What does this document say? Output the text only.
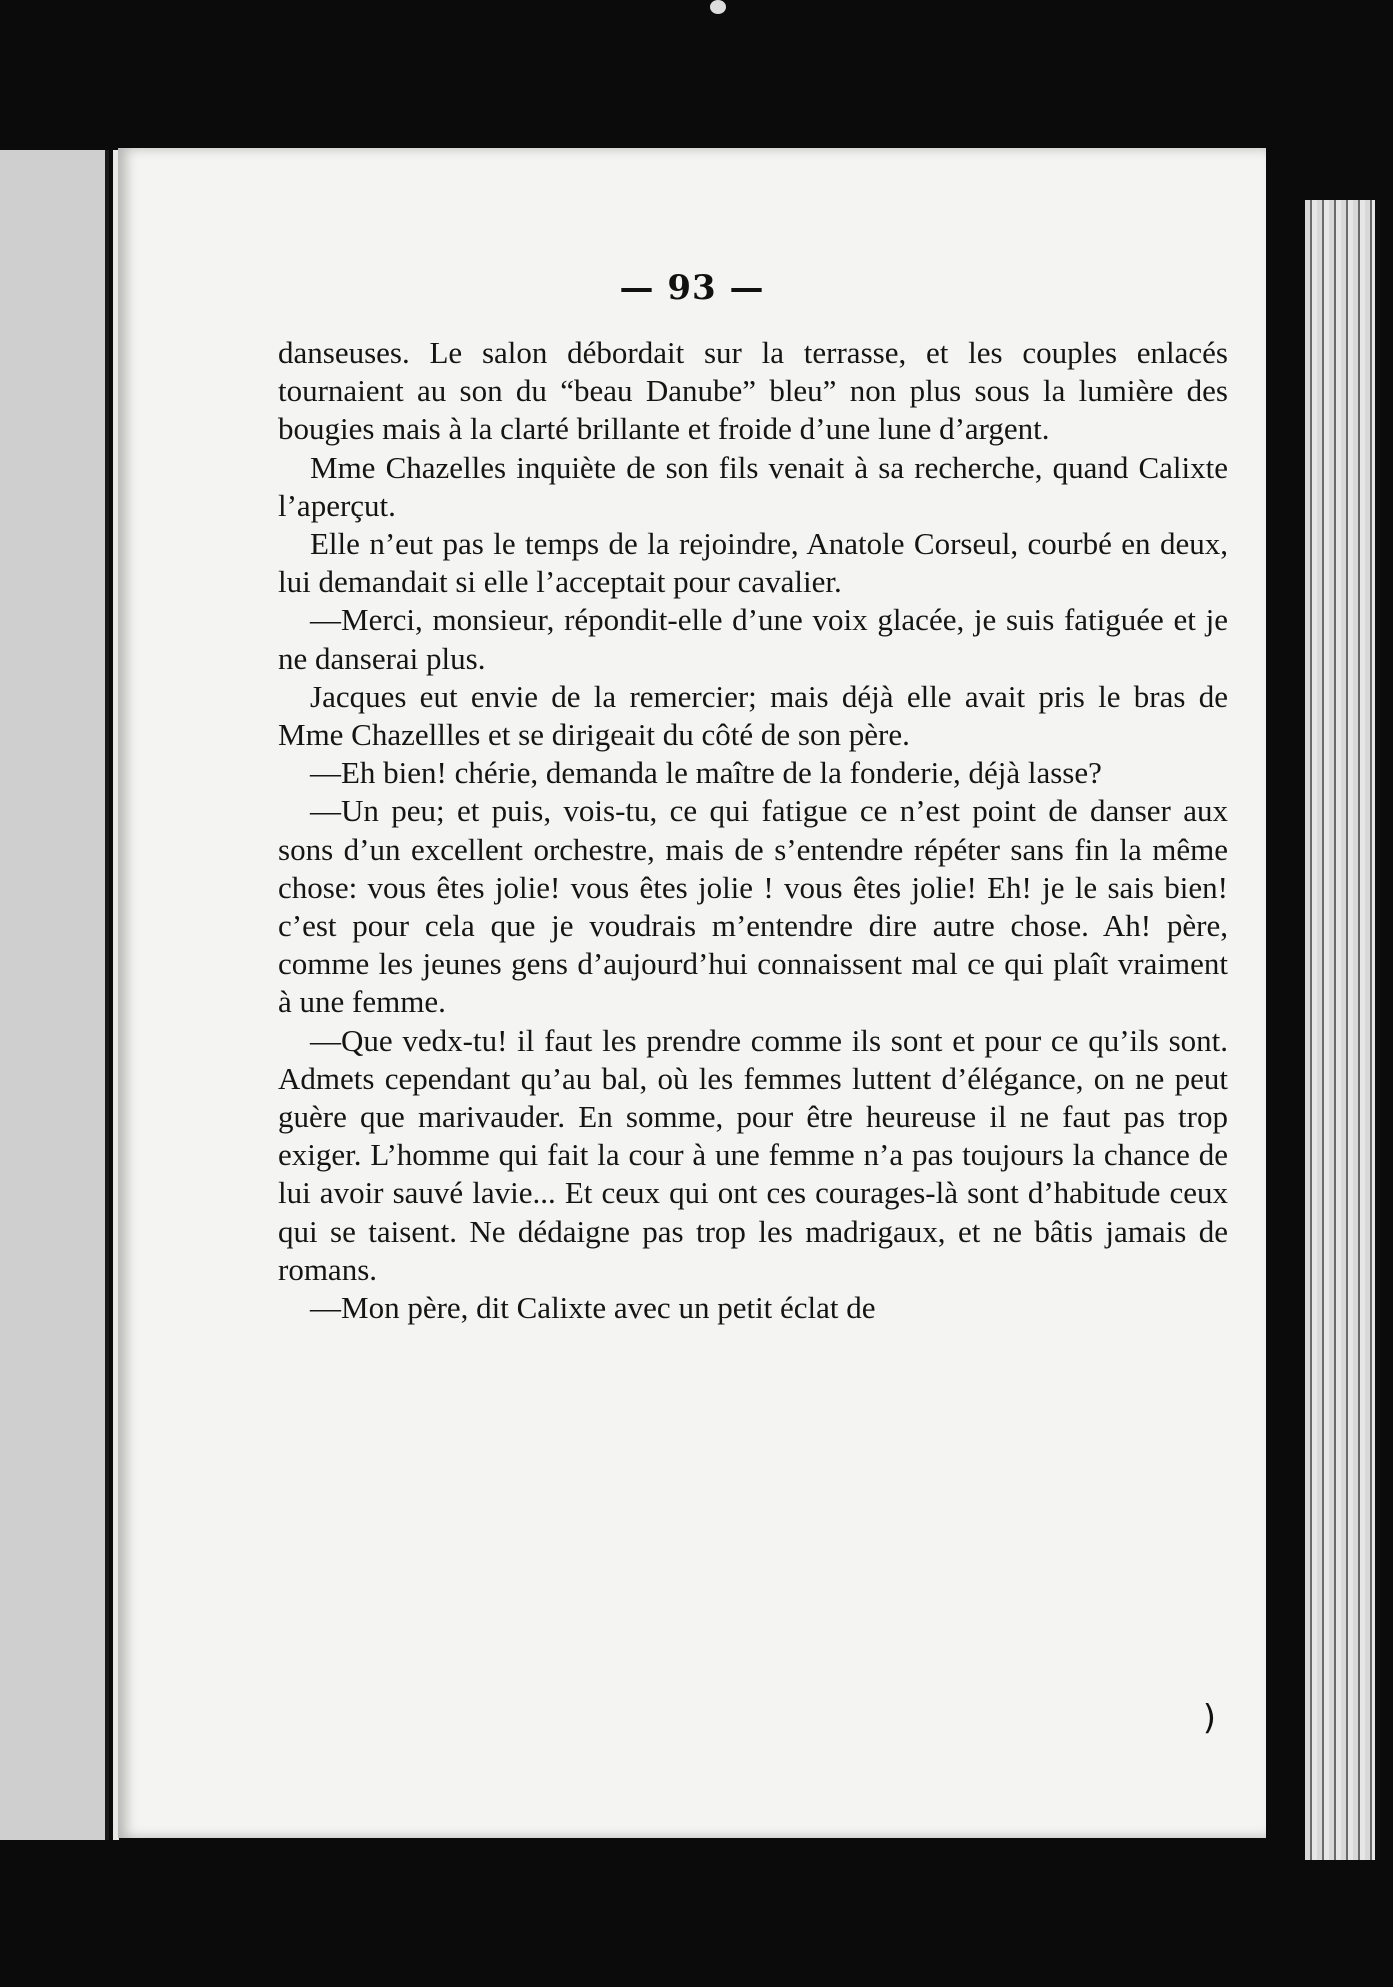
— 93 —

danseuses. Le salon débordait sur la terrasse, et les couples enlacés tournaient au son du “beau Danube” bleu” non plus sous la lumière des bougies mais à la clarté brillante et froide d’une lune d’argent.

Mme Chazelles inquiète de son fils venait à sa recherche, quand Calixte l’aperçut.

Elle n’eut pas le temps de la rejoindre, Anatole Corseul, courbé en deux, lui demandait si elle l’acceptait pour cavalier.

—Merci, monsieur, répondit-elle d’une voix glacée, je suis fatiguée et je ne danserai plus.

Jacques eut envie de la remercier; mais déjà elle avait pris le bras de Mme Chazellles et se dirigeait du côté de son père.

—Eh bien! chérie, demanda le maître de la fonderie, déjà lasse?

—Un peu; et puis, vois-tu, ce qui fatigue ce n’est point de danser aux sons d’un excellent orchestre, mais de s’entendre répéter sans fin la même chose: vous êtes jolie! vous êtes jolie ! vous êtes jolie! Eh! je le sais bien! c’est pour cela que je voudrais m’entendre dire autre chose. Ah! père, comme les jeunes gens d’aujourd’hui connaissent mal ce qui plaît vraiment à une femme.

—Que vedx-tu! il faut les prendre comme ils sont et pour ce qu’ils sont. Admets cependant qu’au bal, où les femmes luttent d’élégance, on ne peut guère que marivauder. En somme, pour être heureuse il ne faut pas trop exiger. L’homme qui fait la cour à une femme n’a pas toujours la chance de lui avoir sauvé lavie... Et ceux qui ont ces courages-là sont d’habitude ceux qui se taisent. Ne dédaigne pas trop les madrigaux, et ne bâtis jamais de romans.

—Mon père, dit Calixte avec un petit éclat de

)
